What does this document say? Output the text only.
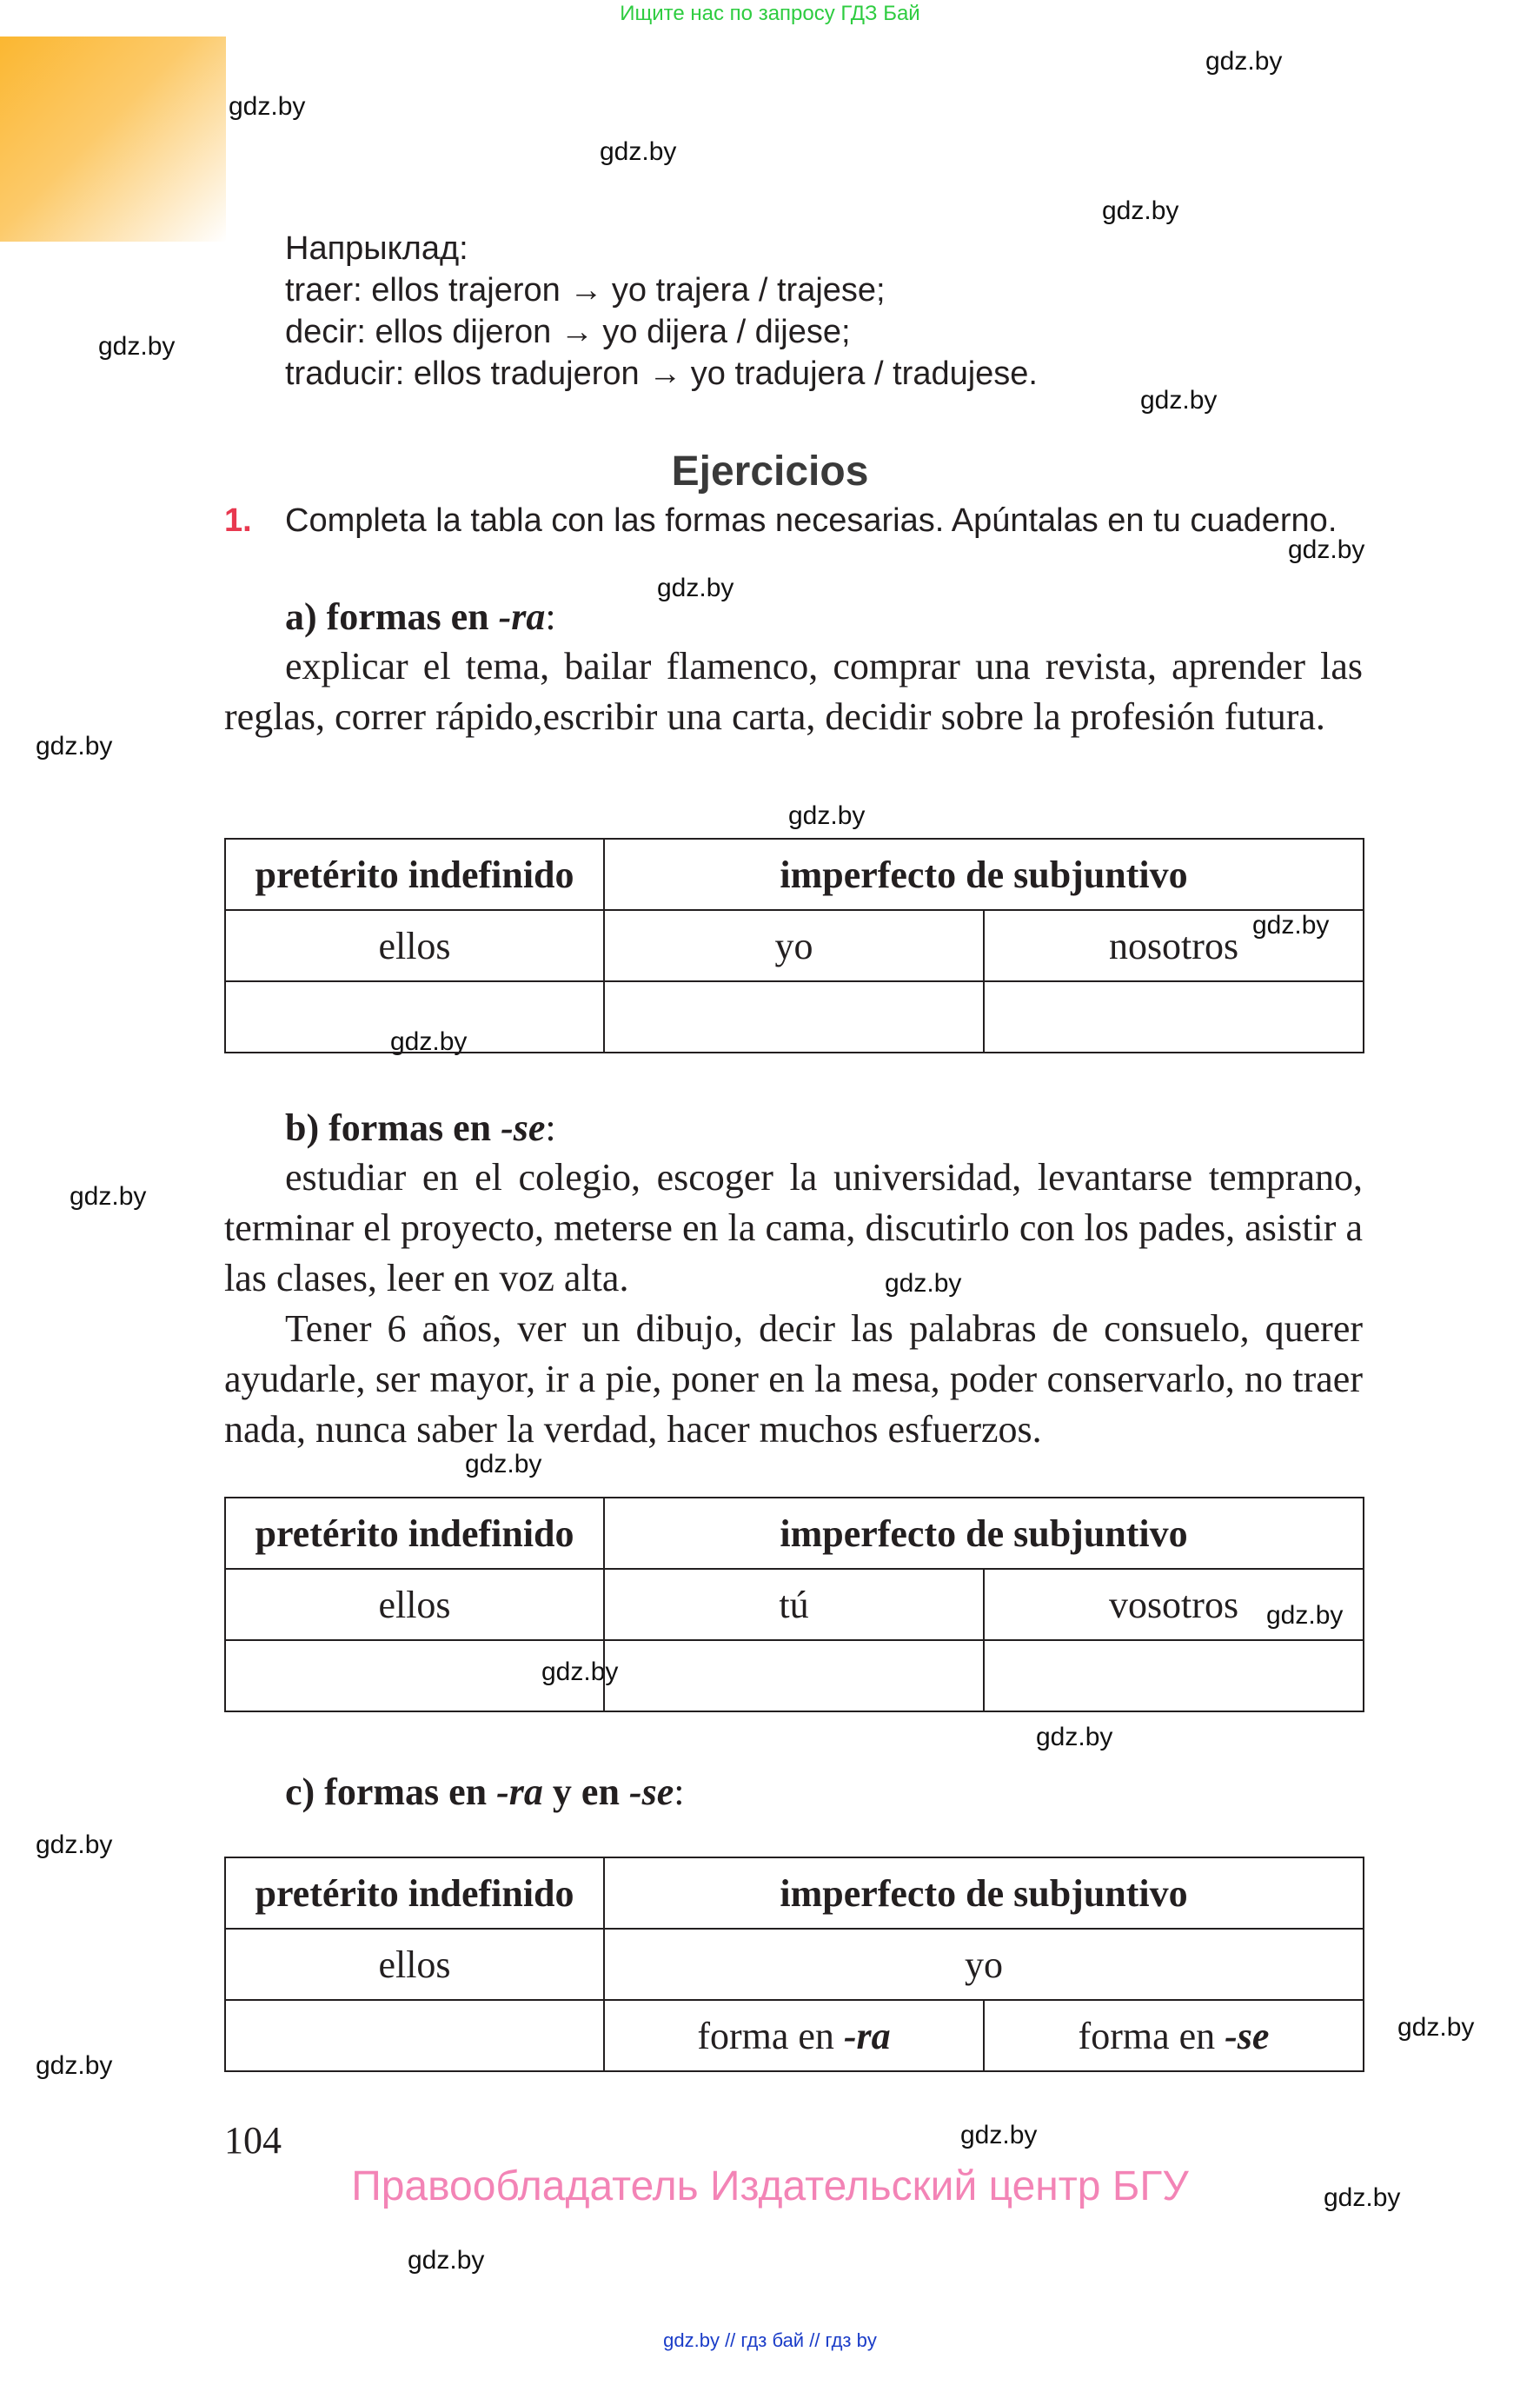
Ищите нас по запросу ГДЗ Бай
gdz.by
gdz.by
gdz.by
gdz.by
gdz.by
gdz.by
gdz.by
gdz.by
gdz.by
gdz.by
gdz.by
gdz.by
gdz.by
gdz.by
gdz.by
gdz.by
gdz.by
gdz.by
gdz.by
gdz.by
gdz.by
gdz.by
gdz.by
gdz.by
Напрыклад:
traer: ellos trajeron → yo trajera / trajese;
decir: ellos dijeron → yo dijera / dijese;
traducir: ellos tradujeron → yo tradujera / tradujese.
Ejercicios
1. Completa la tabla con las formas necesarias. Apúntalas en tu cuaderno.
a) formas en -ra:
explicar el tema, bailar flamenco, comprar una revista, aprender las reglas, correr rápido,escribir una carta, decidir sobre la profesión futura.
pretérito indefinido	imperfecto de subjuntivo	
ellos	yo	nosotros

b) formas en -se:
estudiar en el colegio, escoger la universidad, levantarse temprano, terminar el proyecto, meterse en la cama, discutirlo con los pades, asistir a las clases, leer en voz alta.
Tener 6 años, ver un dibujo, decir las palabras de consuelo, querer ayudarle, ser mayor, ir a pie, poner en la mesa, poder conservarlo, no traer nada, nunca saber la verdad, hacer muchos esfuerzos.
pretérito indefinido	imperfecto de subjuntivo	
ellos	tú	vosotros

c) formas en -ra y en -se:
pretérito indefinido	imperfecto de subjuntivo	
ellos	yo	
	forma en -ra	forma en -se
104
Правообладатель Издательский центр БГУ
gdz.by // гдз бай // гдз by
